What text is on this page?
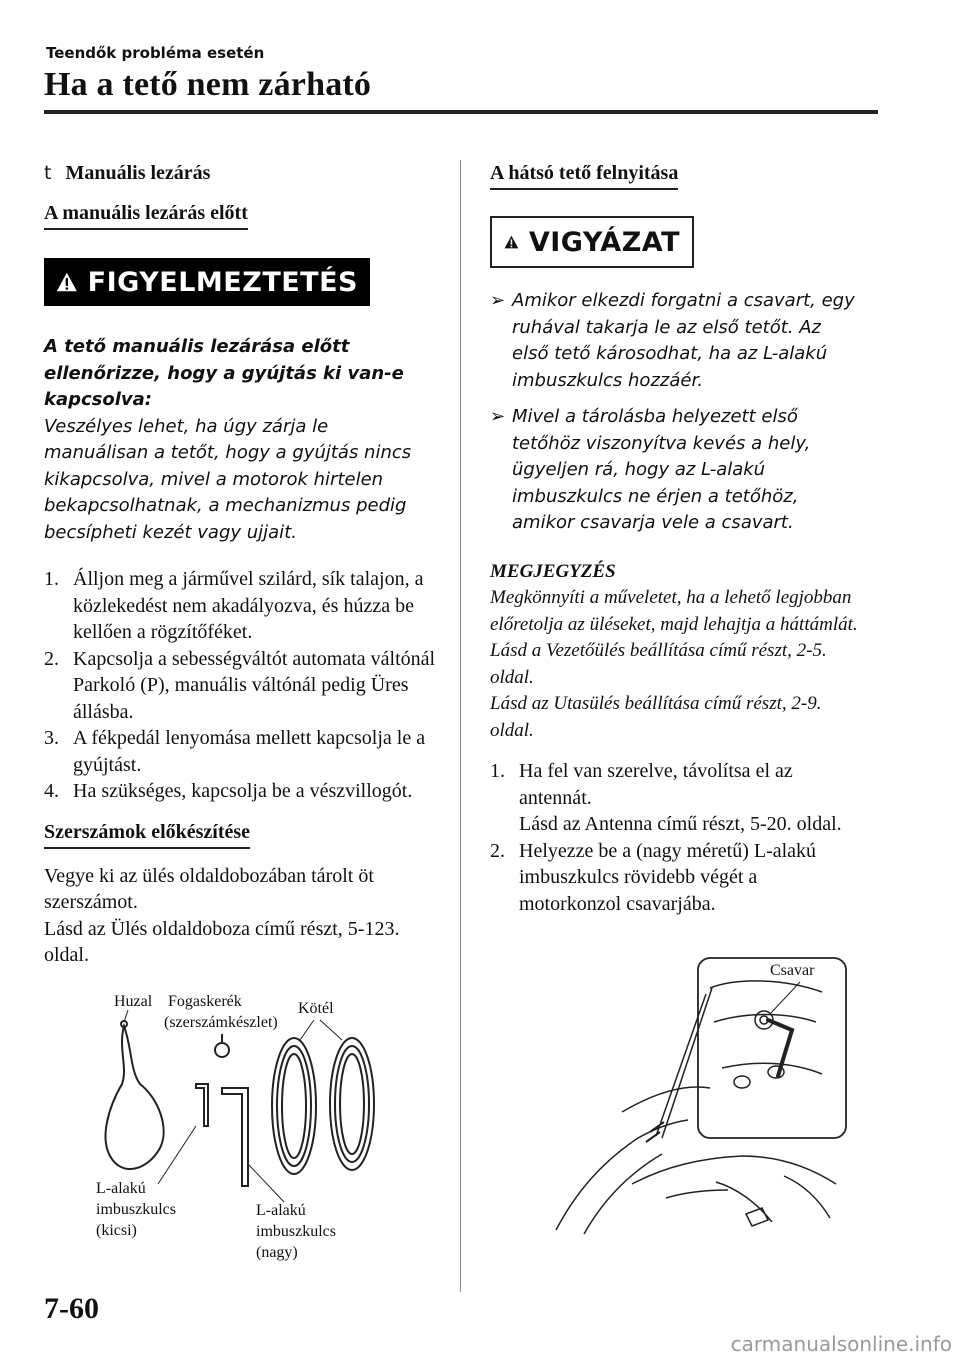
Teendők probléma esetén
Ha a tető nem zárható
t Manuális lezárás
A manuális lezárás előtt
FIGYELMEZTETÉS
A tető manuális lezárása előtt ellenőrizze, hogy a gyújtás ki van-e kapcsolva:
Veszélyes lehet, ha úgy zárja le manuálisan a tetőt, hogy a gyújtás nincs kikapcsolva, mivel a motorok hirtelen bekapcsolhatnak, a mechanizmus pedig becsípheti kezét vagy ujjait.
1. Álljon meg a járművel szilárd, sík talajon, a közlekedést nem akadályozva, és húzza be kellően a rögzítőféket.
2. Kapcsolja a sebességváltót automata váltónál Parkoló (P), manuális váltónál pedig Üres állásba.
3. A fékpedál lenyomása mellett kapcsolja le a gyújtást.
4. Ha szükséges, kapcsolja be a vészvillogót.
Szerszámok előkészítése
Vegye ki az ülés oldaldobozában tárolt öt szerszámot.
Lásd az Ülés oldaldoboza című részt, 5-123. oldal.
Huzal Fogaskerék
(szerszámkészlet)
Kötél
L-alakú
imbuszkulcs
(kicsi)
L-alakú
imbuszkulcs
(nagy)
A hátsó tető felnyitása
VIGYÁZAT
➢ Amikor elkezdi forgatni a csavart, egy ruhával takarja le az első tetőt. Az első tető károsodhat, ha az L-alakú imbuszkulcs hozzáér.
➢ Mivel a tárolásba helyezett első tetőhöz viszonyítva kevés a hely, ügyeljen rá, hogy az L-alakú imbuszkulcs ne érjen a tetőhöz, amikor csavarja vele a csavart.
MEGJEGYZÉS
Megkönnyíti a műveletet, ha a lehető legjobban előretolja az üléseket, majd lehajtja a háttámlát.
Lásd a Vezetőülés beállítása című részt, 2-5. oldal.
Lásd az Utasülés beállítása című részt, 2-9. oldal.
1. Ha fel van szerelve, távolítsa el az antennát.
Lásd az Antenna című részt, 5-20. oldal.
2. Helyezze be a (nagy méretű) L-alakú imbuszkulcs rövidebb végét a motorkonzol csavarjába.
Csavar
7-60
carmanualsonline.info
